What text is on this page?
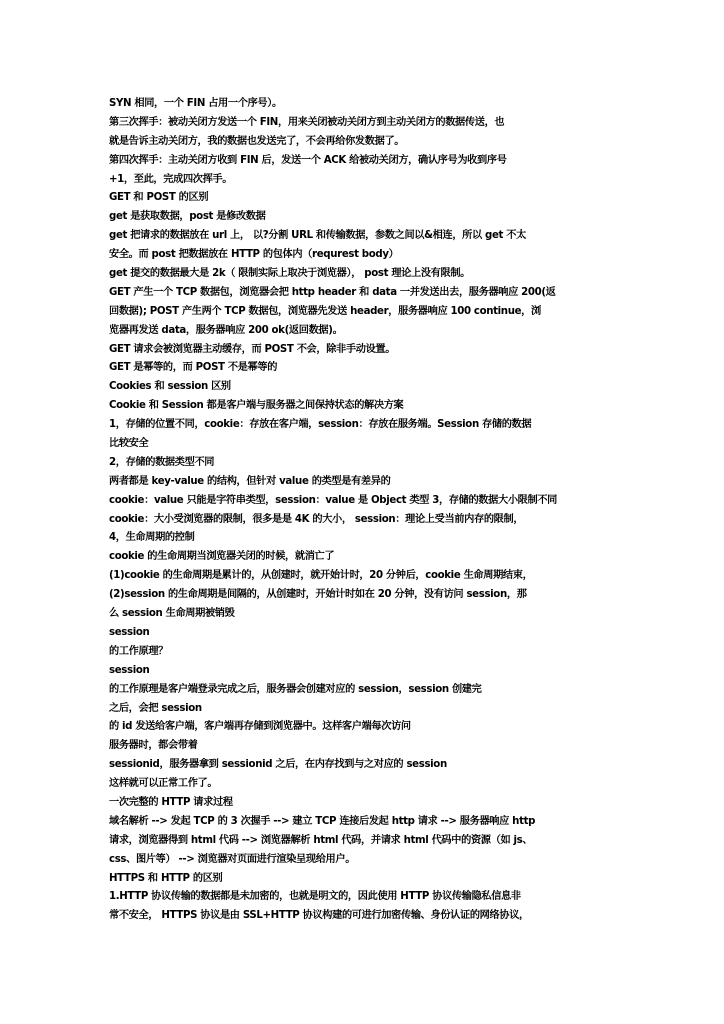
SYN 相同，一个 FIN 占用一个序号）。
第三次挥手：被动关闭方发送一个 FIN，用来关闭被动关闭方到主动关闭方的数据传送，也
就是告诉主动关闭方，我的数据也发送完了，不会再给你发数据了。
第四次挥手：主动关闭方收到 FIN 后，发送一个 ACK 给被动关闭方，确认序号为收到序号
+1，至此，完成四次挥手。
GET 和 POST 的区别
get 是获取数据，post 是修改数据
get 把请求的数据放在 url 上， 以?分割 URL 和传输数据，参数之间以&相连，所以 get 不太
安全。而 post 把数据放在 HTTP 的包体内（requrest body）
get 提交的数据最大是 2k（ 限制实际上取决于浏览器）， post 理论上没有限制。
GET 产生一个 TCP 数据包，浏览器会把 http header 和 data 一并发送出去，服务器响应 200(返
回数据); POST 产生两个 TCP 数据包，浏览器先发送 header，服务器响应 100 continue，浏
览器再发送 data，服务器响应 200 ok(返回数据)。
GET 请求会被浏览器主动缓存，而 POST 不会，除非手动设置。
GET 是幂等的，而 POST 不是幂等的
Cookies 和 session 区别
Cookie 和 Session 都是客户端与服务器之间保持状态的解决方案
1，存储的位置不同，cookie：存放在客户端，session：存放在服务端。Session 存储的数据
比较安全
2，存储的数据类型不同
两者都是 key-value 的结构，但针对 value 的类型是有差异的
cookie：value 只能是字符串类型，session：value 是 Object 类型 3，存储的数据大小限制不同
cookie：大小受浏览器的限制，很多是是 4K 的大小， session：理论上受当前内存的限制，
4，生命周期的控制
cookie 的生命周期当浏览器关闭的时候，就消亡了
(1)cookie 的生命周期是累计的，从创建时，就开始计时，20 分钟后，cookie 生命周期结束，
(2)session 的生命周期是间隔的，从创建时，开始计时如在 20 分钟，没有访问 session，那
么 session 生命周期被销毁
session
的工作原理？
session
的工作原理是客户端登录完成之后，服务器会创建对应的 session，session 创建完
之后，会把 session
的 id 发送给客户端，客户端再存储到浏览器中。这样客户端每次访问
服务器时，都会带着
sessionid，服务器拿到 sessionid 之后，在内存找到与之对应的 session
这样就可以正常工作了。
一次完整的 HTTP 请求过程
域名解析 --> 发起 TCP 的 3 次握手 --> 建立 TCP 连接后发起 http 请求 --> 服务器响应 http
请求，浏览器得到 html 代码 --> 浏览器解析 html 代码，并请求 html 代码中的资源（如 js、
css、图片等） --> 浏览器对页面进行渲染呈现给用户。
HTTPS 和 HTTP 的区别
1.HTTP 协议传输的数据都是未加密的，也就是明文的，因此使用 HTTP 协议传输隐私信息非
常不安全， HTTPS 协议是由 SSL+HTTP 协议构建的可进行加密传输、身份认证的网络协议，
